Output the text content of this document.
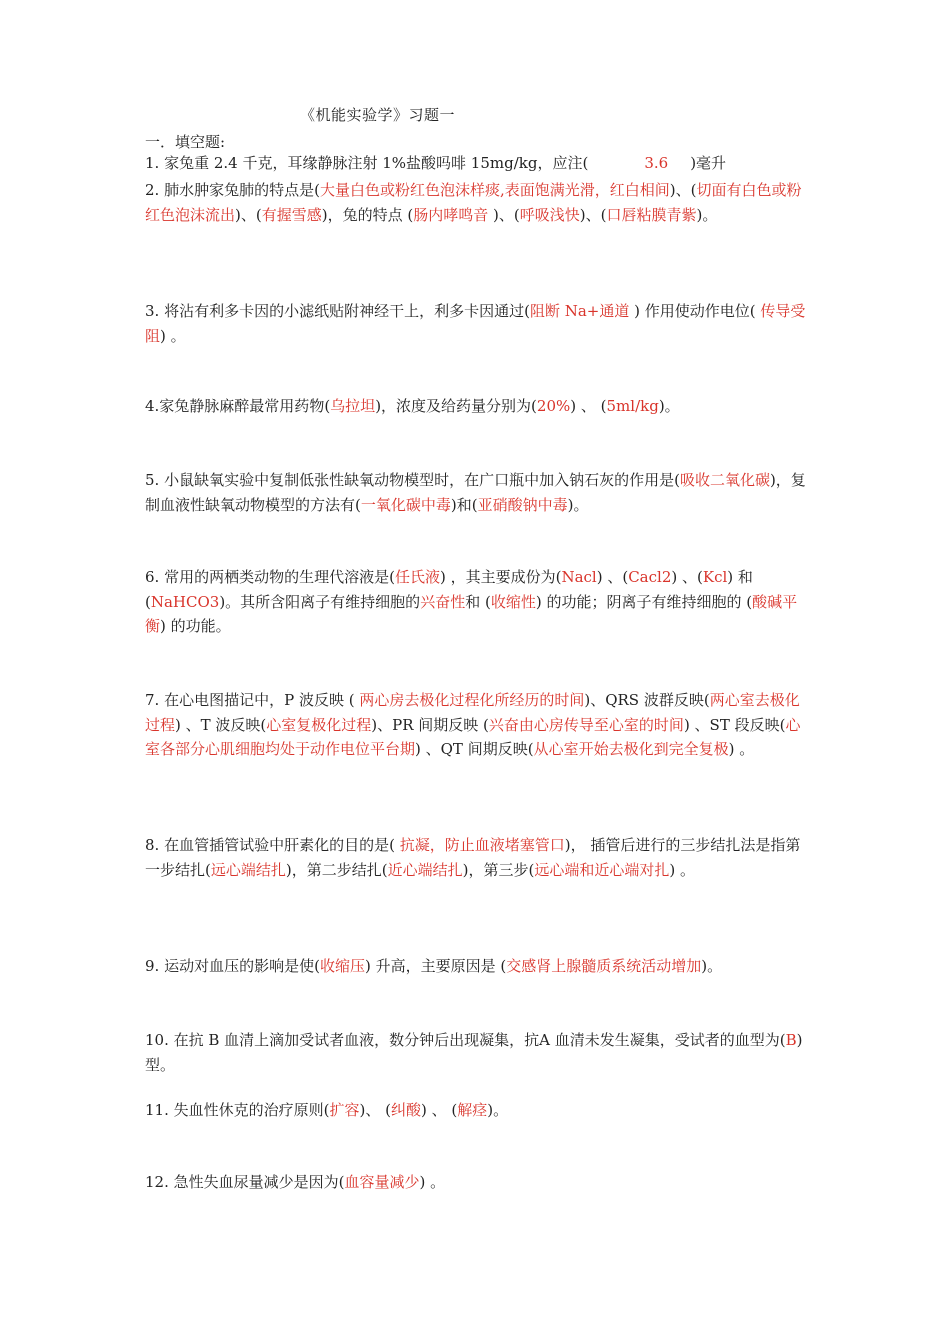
《机能实验学》习题一
一．填空题:

1. 家兔重 2.4 千克，耳缘静脉注射 1%盐酸吗啡 15mg/kg，应注(	3.6 )毫升

2. 肺水肿家兔肺的特点是(大量白色或粉红色泡沫样痰,表面饱满光滑，红白相间)、(切面有白色或粉红色泡沫流出)、(有握雪感)，兔的特点 (肠内哮鸣音 )、(呼吸浅快)、(口唇粘膜青紫)。

3. 将沾有利多卡因的小滤纸贴附神经干上，利多卡因通过(阻断 Na+通道 ) 作用使动作电位( 传导受阻) 。

4.家兔静脉麻醉最常用药物(乌拉坦)，浓度及给药量分别为(20%) 、 (5ml/kg)。

5. 小鼠缺氧实验中复制低张性缺氧动物模型时，在广口瓶中加入钠石灰的作用是(吸收二氧化碳)，复制血液性缺氧动物模型的方法有(一氧化碳中毒)和(亚硝酸钠中毒)。

6. 常用的两栖类动物的生理代溶液是(任氏液) ，其主要成份为(Nacl) 、(Cacl2) 、(Kcl) 和 (NaHCO3)。其所含阳离子有维持细胞的兴奋性和 (收缩性) 的功能；阴离子有维持细胞的 (酸碱平衡) 的功能。

7. 在心电图描记中，P 波反映 ( 两心房去极化过程化所经历的时间)、QRS 波群反映(两心室去极化过程) 、T 波反映(心室复极化过程)、PR 间期反映 (兴奋由心房传导至心室的时间) 、ST 段反映(心室各部分心肌细胞均处于动作电位平台期) 、QT 间期反映(从心室开始去极化到完全复极) 。

8. 在血管插管试验中肝素化的目的是( 抗凝，防止血液堵塞管口)， 插管后进行的三步结扎法是指第一步结扎(远心端结扎)，第二步结扎(近心端结扎)，第三步(远心端和近心端对扎) 。

9. 运动对血压的影响是使(收缩压) 升高，主要原因是 (交感肾上腺髓质系统活动增加)。

10. 在抗 B 血清上滴加受试者血液，数分钟后出现凝集，抗A 血清未发生凝集，受试者的血型为(B) 型。

11. 失血性休克的治疗原则(扩容)、 (纠酸) 、 (解痉)。

12. 急性失血尿量减少是因为(血容量减少) 。
